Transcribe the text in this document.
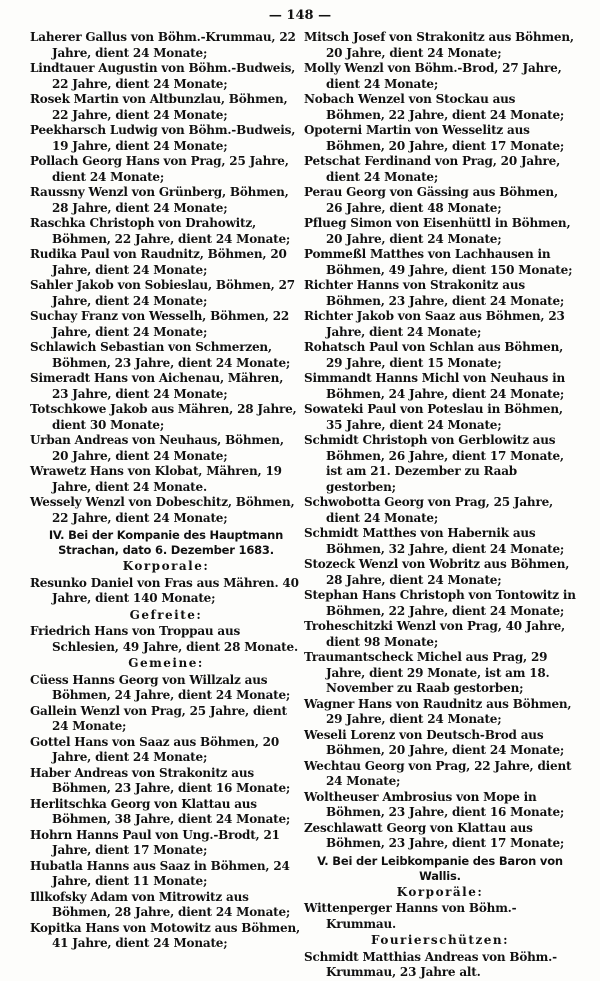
— 148 —
Laherer Gallus von Böhm.-Krummau, 22 Jahre, dient 24 Monate;
Lindtauer Augustin von Böhm.-Budweis, 22 Jahre, dient 24 Monate;
Rosek Martin von Altbunzlau, Böhmen, 22 Jahre, dient 24 Monate;
Peekharsch Ludwig von Böhm.-Budweis, 19 Jahre, dient 24 Monate;
Pollach Georg Hans von Prag, 25 Jahre, dient 24 Monate;
Raussny Wenzl von Grünberg, Böhmen, 28 Jahre, dient 24 Monate;
Raschka Christoph von Drahowitz, Böhmen, 22 Jahre, dient 24 Monate;
Rudika Paul von Raudnitz, Böhmen, 20 Jahre, dient 24 Monate;
Sahler Jakob von Sobieslau, Böhmen, 27 Jahre, dient 24 Monate;
Suchay Franz von Wesselh, Böhmen, 22 Jahre, dient 24 Monate;
Schlawich Sebastian von Schmerzen, Böhmen, 23 Jahre, dient 24 Monate;
Simeradt Hans von Aichenau, Mähren, 23 Jahre, dient 24 Monate;
Totschkowe Jakob aus Mähren, 28 Jahre, dient 30 Monate;
Urban Andreas von Neuhaus, Böhmen, 20 Jahre, dient 24 Monate;
Wrawetz Hans von Klobat, Mähren, 19 Jahre, dient 24 Monate.
Wessely Wenzl von Dobeschitz, Böhmen, 22 Jahre, dient 24 Monate;
IV. Bei der Kompanie des Hauptmann Strachan, dato 6. Dezember 1683.
Korporale:
Resunko Daniel von Fras aus Mähren. 40 Jahre, dient 140 Monate;
Gefreite:
Friedrich Hans von Troppau aus Schlesien, 49 Jahre, dient 28 Monate.
Gemeine:
Cüess Hanns Georg von Willzalz aus Böhmen, 24 Jahre, dient 24 Monate;
Gallein Wenzl von Prag, 25 Jahre, dient 24 Monate;
Gottel Hans von Saaz aus Böhmen, 20 Jahre, dient 24 Monate;
Haber Andreas von Strakonitz aus Böhmen, 23 Jahre, dient 16 Monate;
Herlitschka Georg von Klattau aus Böhmen, 38 Jahre, dient 24 Monate;
Hohrn Hanns Paul von Ung.-Brodt, 21 Jahre, dient 17 Monate;
Hubatla Hanns aus Saaz in Böhmen, 24 Jahre, dient 11 Monate;
Illkofsky Adam von Mitrowitz aus Böhmen, 28 Jahre, dient 24 Monate;
Kopitka Hans von Motowitz aus Böhmen, 41 Jahre, dient 24 Monate;
Mitsch Josef von Strakonitz aus Böhmen, 20 Jahre, dient 24 Monate;
Molly Wenzl von Böhm.-Brod, 27 Jahre, dient 24 Monate;
Nobach Wenzel von Stockau aus Böhmen, 22 Jahre, dient 24 Monate;
Opoterni Martin von Wesselitz aus Böhmen, 20 Jahre, dient 17 Monate;
Petschat Ferdinand von Prag, 20 Jahre, dient 24 Monate;
Perau Georg von Gässing aus Böhmen, 26 Jahre, dient 48 Monate;
Pflueg Simon von Eisenhüttl in Böhmen, 20 Jahre, dient 24 Monate;
Pommeßl Matthes von Lachhausen in Böhmen, 49 Jahre, dient 150 Monate;
Richter Hanns von Strakonitz aus Böhmen, 23 Jahre, dient 24 Monate;
Richter Jakob von Saaz aus Böhmen, 23 Jahre, dient 24 Monate;
Rohatsch Paul von Schlan aus Böhmen, 29 Jahre, dient 15 Monate;
Simmandt Hanns Michl von Neuhaus in Böhmen, 24 Jahre, dient 24 Monate;
Sowateki Paul von Poteslau in Böhmen, 35 Jahre, dient 24 Monate;
Schmidt Christoph von Gerblowitz aus Böhmen, 26 Jahre, dient 17 Monate, ist am 21. Dezember zu Raab gestorben;
Schwobotta Georg von Prag, 25 Jahre, dient 24 Monate;
Schmidt Matthes von Habernik aus Böhmen, 32 Jahre, dient 24 Monate;
Stozeck Wenzl von Wobritz aus Böhmen, 28 Jahre, dient 24 Monate;
Stephan Hans Christoph von Tontowitz in Böhmen, 22 Jahre, dient 24 Monate;
Troheschitzki Wenzl von Prag, 40 Jahre, dient 98 Monate;
Traumantscheck Michel aus Prag, 29 Jahre, dient 29 Monate, ist am 18. November zu Raab gestorben;
Wagner Hans von Raudnitz aus Böhmen, 29 Jahre, dient 24 Monate;
Weseli Lorenz von Deutsch-Brod aus Böhmen, 20 Jahre, dient 24 Monate;
Wechtau Georg von Prag, 22 Jahre, dient 24 Monate;
Woltheuser Ambrosius von Mope in Böhmen, 23 Jahre, dient 16 Monate;
Zeschlawatt Georg von Klattau aus Böhmen, 23 Jahre, dient 17 Monate;
V. Bei der Leibkompanie des Baron von Wallis.
Korporäle:
Wittenperger Hanns von Böhm.-Krummau.
Fourierschützen:
Schmidt Matthias Andreas von Böhm.-Krummau, 23 Jahre alt.
